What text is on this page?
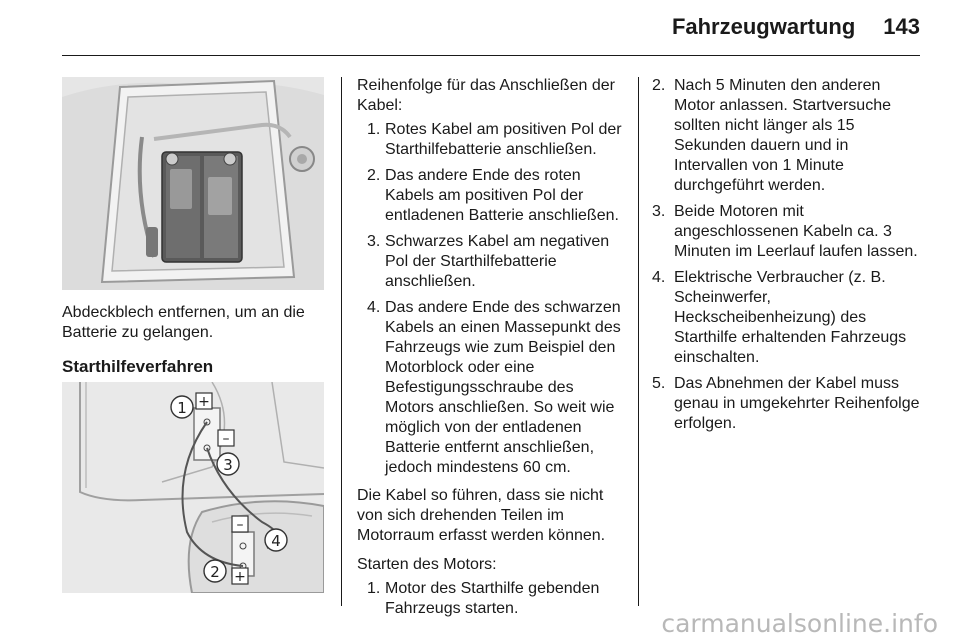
Fahrzeugwartung 143

Abdeckblech entfernen, um an die Batterie zu gelangen.

Starthilfeverfahren

+
–
–
+
1
3
4
2

Reihenfolge für das Anschließen der Kabel:

1. Rotes Kabel am positiven Pol der Starthilfebatterie anschließen.
2. Das andere Ende des roten Kabels am positiven Pol der entladenen Batterie anschließen.
3. Schwarzes Kabel am negativen Pol der Starthilfebatterie anschließen.
4. Das andere Ende des schwarzen Kabels an einen Massepunkt des Fahrzeugs wie zum Beispiel den Motorblock oder eine Befestigungsschraube des Motors anschließen. So weit wie möglich von der entladenen Batterie entfernt anschließen, jedoch mindestens 60 cm.

Die Kabel so führen, dass sie nicht von sich drehenden Teilen im Motorraum erfasst werden können.

Starten des Motors:

1. Motor des Starthilfe gebenden Fahrzeugs starten.
2. Nach 5 Minuten den anderen Motor anlassen. Startversuche sollten nicht länger als 15 Sekunden dauern und in Intervallen von 1 Minute durchgeführt werden.
3. Beide Motoren mit angeschlossenen Kabeln ca. 3 Minuten im Leerlauf laufen lassen.
4. Elektrische Verbraucher (z. B. Scheinwerfer, Heckscheibenheizung) des Starthilfe erhaltenden Fahrzeugs einschalten.
5. Das Abnehmen der Kabel muss genau in umgekehrter Reihenfolge erfolgen.
carmanualsonline.info
